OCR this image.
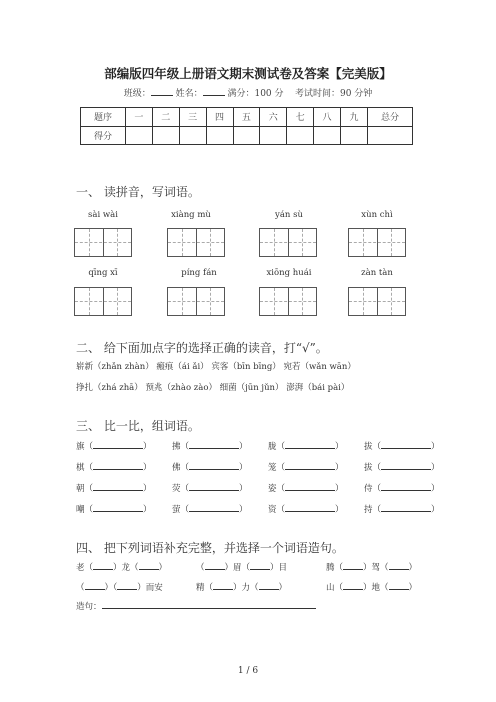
部编版四年级上册语文期末测试卷及答案【完美版】
班级：	姓名：	满分：100 分 考试时间：90 分钟
题序	一	二	三	四	五	六	七	八	九	总分
得分										
一、 读拼音，写词语。
sài wài	xiàng mù	yán sù	xùn chì
qīng xī	píng fán	xiōng huái	zàn tàn
二、 给下面加点字的选择正确的读音，打“√”。
崭新（zhǎn zhàn） 瘢痕（ái ǎi） 宾客（bīn bīng） 宛若（wǎn wān）
挣扎（zhá zhā） 预兆（zhào zào） 细菌（jūn jǔn） 澎湃（bái pài）
三、 比一比，组词语。
旗（	） 拂（	） 胧（	） 拔（	）
棋（	） 佛（	） 笼（	） 拔（	）
朝（	） 荧（	） 姿（	） 侍（	）
嘲（	） 萤（	） 资（	） 持（	）
四、 把下列词语补充完整，并选择一个词语造句。
老（ ）龙（ ）	（ ）眉（ ）目	腾（ ）驾（ ）
（ ）（ ）而安	精（ ）力（ ）	山（ ）地（ ）
造句：
1 / 6
